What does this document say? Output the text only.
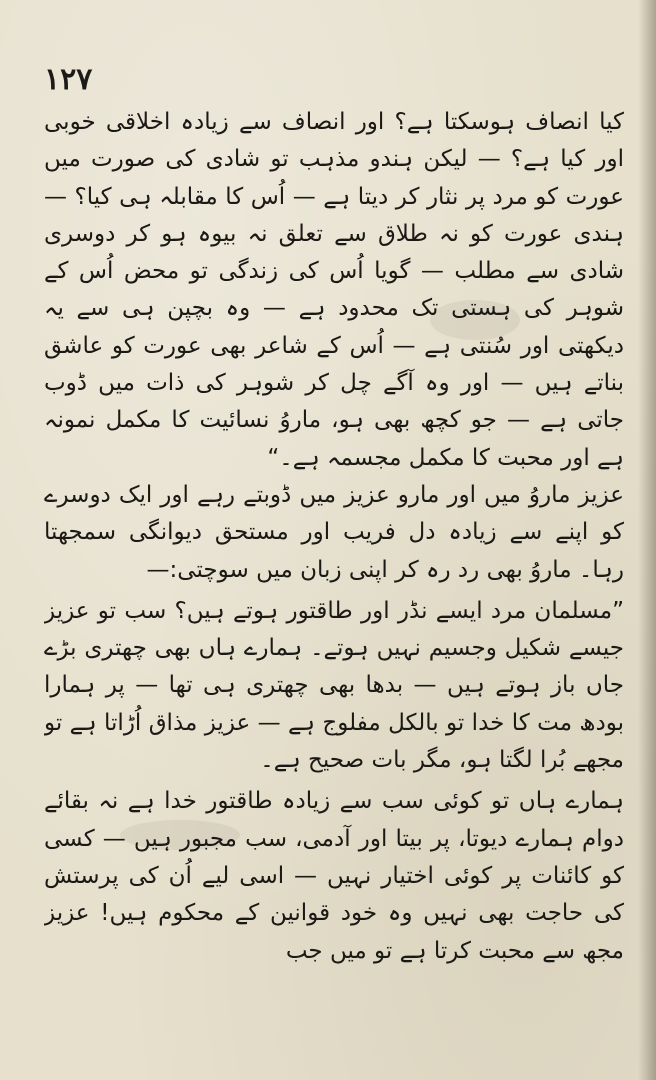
۱۲۷

کیا انصاف ہوسکتا ہے؟ اور انصاف سے زیادہ اخلاقی خوبی اور کیا ہے؟ — لیکن ہندو مذہب تو شادی کی صورت میں عورت کو مرد پر نثار کر دیتا ہے — اُس کا مقابلہ ہی کیا؟ — ہندی عورت کو نہ طلاق سے تعلق نہ بیوہ ہو کر دوسری شادی سے مطلب — گویا اُس کی زندگی تو محض اُس کے شوہر کی ہستی تک محدود ہے — وہ بچپن ہی سے یہ دیکھتی اور سُنتی ہے — اُس کے شاعر بھی عورت کو عاشق بناتے ہیں — اور وہ آگے چل کر شوہر کی ذات میں ڈوب جاتی ہے — جو کچھ بھی ہو، ماروُ نسائیت کا مکمل نمونہ ہے اور محبت کا مکمل مجسمہ ہے۔“

عزیز ماروُ میں اور مارو عزیز میں ڈوبتے رہے اور ایک دوسرے کو اپنے سے زیادہ دل فریب اور مستحق دیوانگی سمجھتا رہا۔ ماروُ بھی رد رہ کر اپنی زبان میں سوچتی:—

”مسلمان مرد ایسے نڈر اور طاقتور ہوتے ہیں؟ سب تو عزیز جیسے شکیل وجسیم نہیں ہوتے۔ ہمارے ہاں بھی چھتری بڑے جاں باز ہوتے ہیں — بدھا بھی چھتری ہی تھا — پر ہمارا بودھ مت کا خدا تو بالکل مفلوج ہے — عزیز مذاق اُڑاتا ہے تو مجھے بُرا لگتا ہو، مگر بات صحیح ہے۔

ہمارے ہاں تو کوئی سب سے زیادہ طاقتور خدا ہے نہ بقائے دوام ہمارے دیوتا، پر بیتا اور آدمی، سب مجبور ہیں — کسی کو کائنات پر کوئی اختیار نہیں — اسی لیے اُن کی پرستش کی حاجت بھی نہیں وہ خود قوانین کے محکوم ہیں! عزیز مجھ سے محبت کرتا ہے تو میں جب
